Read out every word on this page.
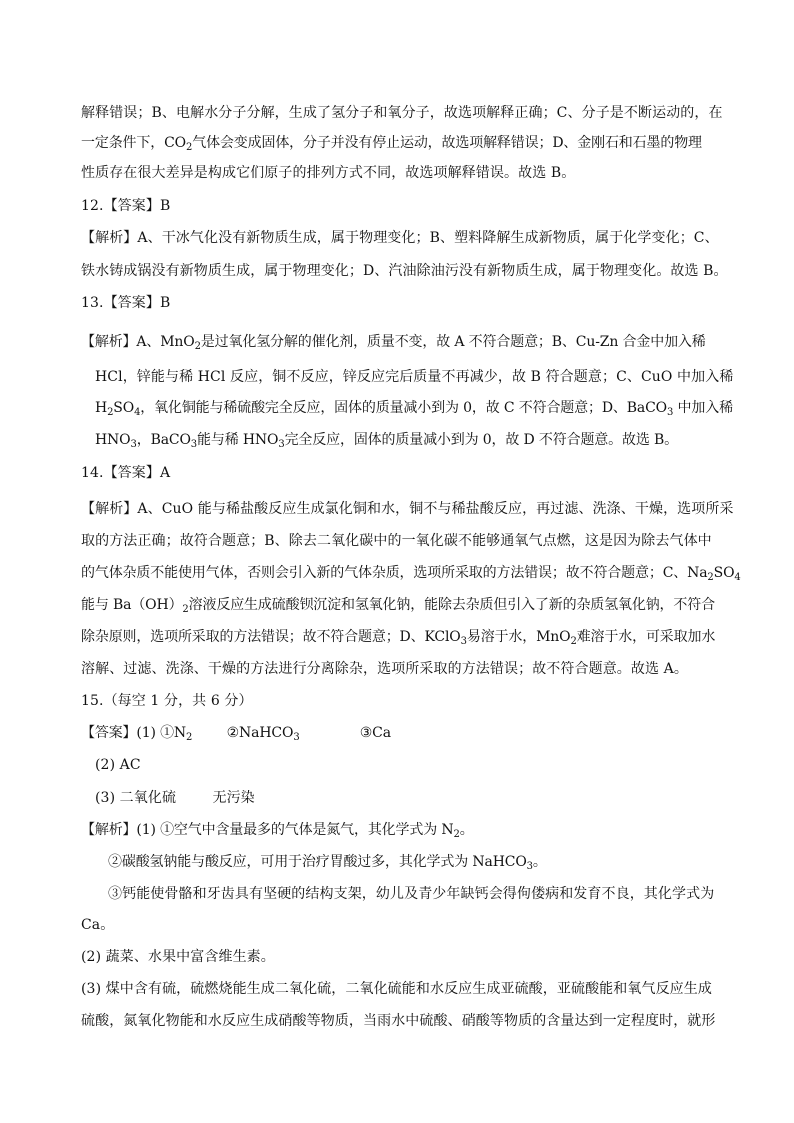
解释错误；B、电解水分子分解，生成了氢分子和氧分子，故选项解释正确；C、分子是不断运动的，在
一定条件下，$CO_2$气体会变成固体，分子并没有停止运动，故选项解释错误；D、金刚石和石墨的物理
性质存在很大差异是构成它们原子的排列方式不同，故选项解释错误。故选 B。
12.【答案】B
【解析】A、干冰气化没有新物质生成，属于物理变化；B、塑料降解生成新物质，属于化学变化；C、
铁水铸成锅没有新物质生成，属于物理变化；D、汽油除油污没有新物质生成，属于物理变化。故选 B。
13.【答案】B
【解析】A、MnO$_2$是过氧化氢分解的催化剂，质量不变，故 A 不符合题意；B、Cu-Zn 合金中加入稀
HCl，锌能与稀 HCl 反应，铜不反应，锌反应完后质量不再减少，故 B 符合题意；C、CuO 中加入稀
$H_2SO_4$，氧化铜能与稀硫酸完全反应，固体的质量减小到为 0，故 C 不符合题意；D、BaCO$_3$ 中加入稀
$HNO_3$，BaCO$_3$能与稀 $HNO_3$完全反应，固体的质量减小到为 0，故 D 不符合题意。故选 B。
14.【答案】A
【解析】A、CuO 能与稀盐酸反应生成氯化铜和水，铜不与稀盐酸反应，再过滤、洗涤、干燥，选项所采
取的方法正确；故符合题意；B、除去二氧化碳中的一氧化碳不能够通氧气点燃，这是因为除去气体中
的气体杂质不能使用气体，否则会引入新的气体杂质，选项所采取的方法错误；故不符合题意；C、$Na_2SO_4$
能与 $Ba(OH)_2$溶液反应生成硫酸钡沉淀和氢氧化钠，能除去杂质但引入了新的杂质氢氧化钠，不符合
除杂原则，选项所采取的方法错误；故不符合题意；D、KClO$_3$易溶于水，MnO$_2$难溶于水，可采取加水
溶解、过滤、洗涤、干燥的方法进行分离除杂，选项所采取的方法错误；故不符合题意。故选 A。
15.（每空 1 分，共 6 分）
【答案】(1) $①N_2$        ②NaHCO$_3$              ③Ca
(2) AC
(3) 二氧化硫        无污染
【解析】(1) ①空气中含量最多的气体是氮气，其化学式为 $N_2$。
②碳酸氢钠能与酸反应，可用于治疗胃酸过多，其化学式为 NaHCO$_3$。
③钙能使骨骼和牙齿具有坚硬的结构支架，幼儿及青少年缺钙会得佝偻病和发育不良，其化学式为
Ca。
(2) 蔬菜、水果中富含维生素。
(3) 煤中含有硫，硫燃烧能生成二氧化硫，二氧化硫能和水反应生成亚硫酸，亚硫酸能和氧气反应生成
硫酸，氮氧化物能和水反应生成硝酸等物质，当雨水中硫酸、硝酸等物质的含量达到一定程度时，就形
